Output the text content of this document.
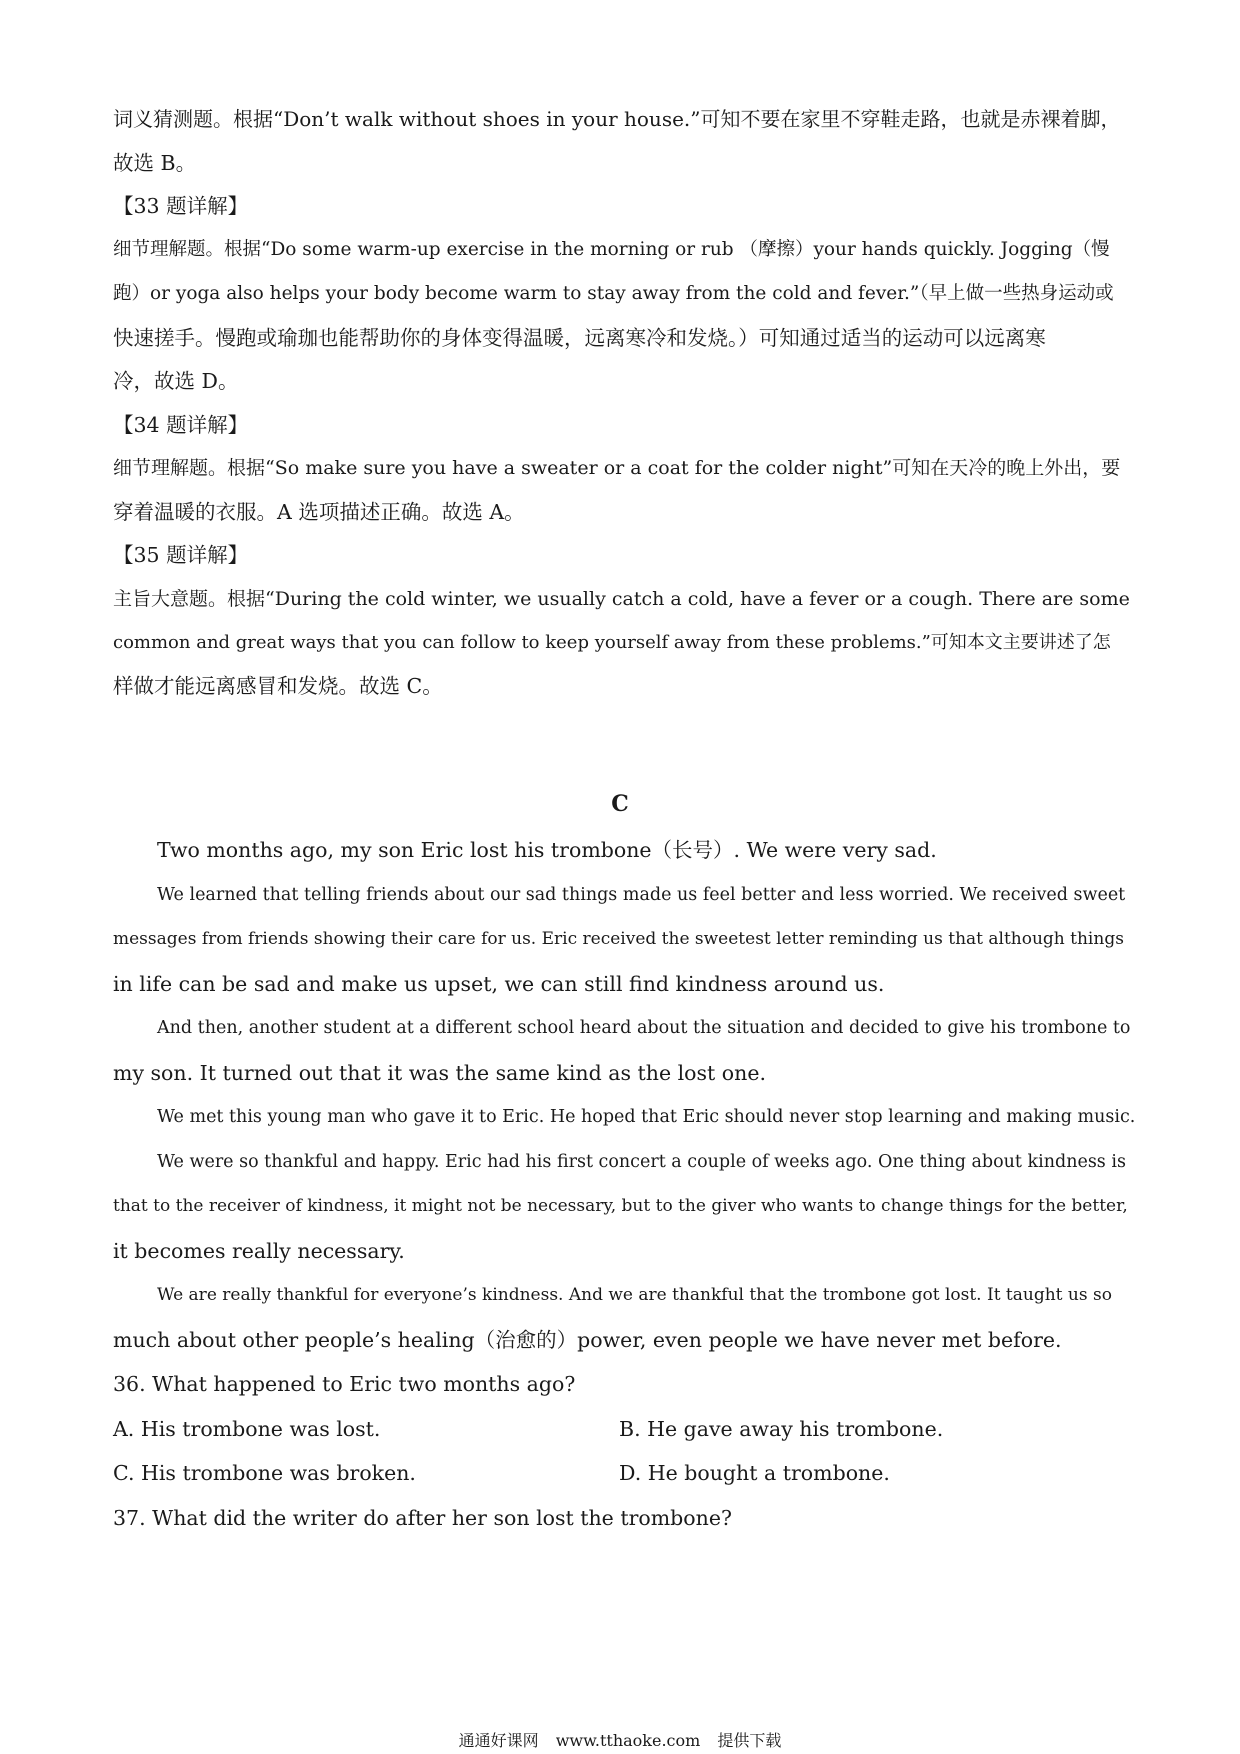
词义猜测题。根据“Don’t walk without shoes in your house.”可知不要在家里不穿鞋走路，也就是赤裸着脚，
故选 B。
【33 题详解】
细节理解题。根据“Do some warm-up exercise in the morning or rub （摩擦）your hands quickly. Jogging（慢
跑）or yoga also helps your body become warm to stay away from the cold and fever.”（早上做一些热身运动或
快速搓手。慢跑或瑜珈也能帮助你的身体变得温暖，远离寒冷和发烧。）可知通过适当的运动可以远离寒
冷，故选 D。
【34 题详解】
细节理解题。根据“So make sure you have a sweater or a coat for the colder night”可知在天冷的晚上外出，要
穿着温暖的衣服。A 选项描述正确。故选 A。
【35 题详解】
主旨大意题。根据“During the cold winter, we usually catch a cold, have a fever or a cough. There are some
common and great ways that you can follow to keep yourself away from these problems.”可知本文主要讲述了怎
样做才能远离感冒和发烧。故选 C。
C
Two months ago, my son Eric lost his trombone（长号）. We were very sad.
We learned that telling friends about our sad things made us feel better and less worried. We received sweet
messages from friends showing their care for us. Eric received the sweetest letter reminding us that although things
in life can be sad and make us upset, we can still find kindness around us.
And then, another student at a different school heard about the situation and decided to give his trombone to
my son. It turned out that it was the same kind as the lost one.
We met this young man who gave it to Eric. He hoped that Eric should never stop learning and making music.
We were so thankful and happy. Eric had his first concert a couple of weeks ago. One thing about kindness is
that to the receiver of kindness, it might not be necessary, but to the giver who wants to change things for the better,
it becomes really necessary.
We are really thankful for everyone’s kindness. And we are thankful that the trombone got lost. It taught us so
much about other people’s healing（治愈的）power, even people we have never met before.
36. What happened to Eric two months ago?
A. His trombone was lost.	B. He gave away his trombone.
C. His trombone was broken.	D. He bought a trombone.
37. What did the writer do after her son lost the trombone?
通通好课网 www.tthaoke.com 提供下载
